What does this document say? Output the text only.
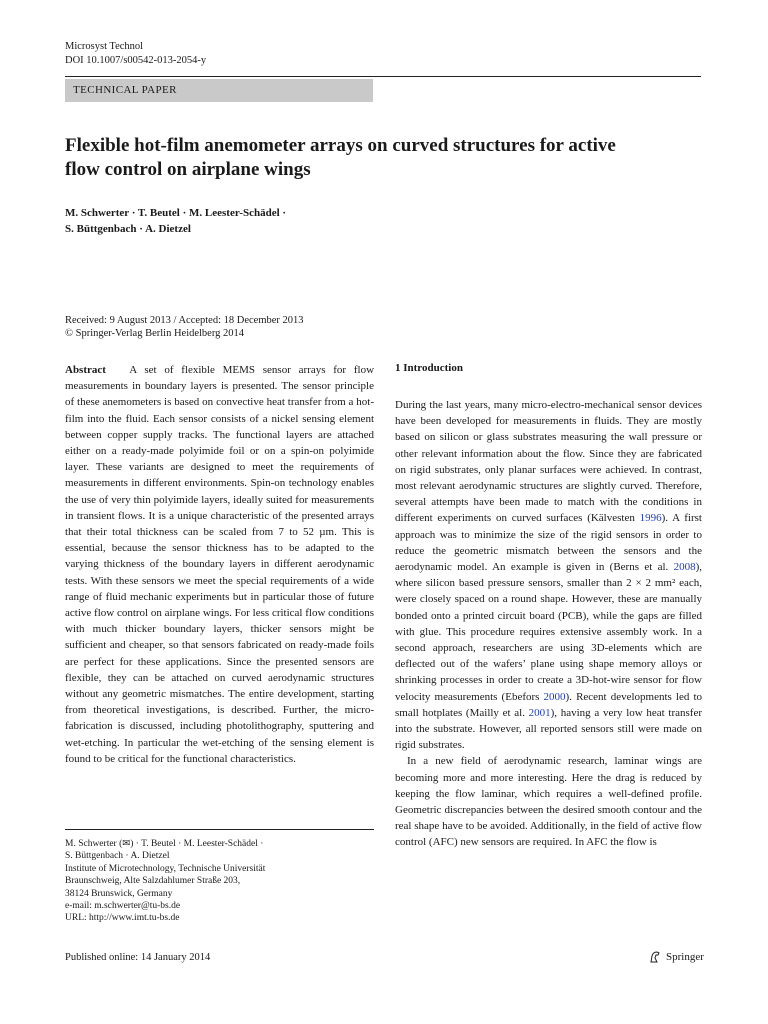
Microsyst Technol
DOI 10.1007/s00542-013-2054-y
TECHNICAL PAPER
Flexible hot-film anemometer arrays on curved structures for active flow control on airplane wings
M. Schwerter · T. Beutel · M. Leester-Schädel ·
S. Büttgenbach · A. Dietzel
Received: 9 August 2013 / Accepted: 18 December 2013
© Springer-Verlag Berlin Heidelberg 2014
Abstract A set of flexible MEMS sensor arrays for flow measurements in boundary layers is presented. The sensor principle of these anemometers is based on convective heat transfer from a hot-film into the fluid. Each sensor consists of a nickel sensing element between copper supply tracks. The functional layers are attached either on a ready-made polyimide foil or on a spin-on polyimide layer. These variants are designed to meet the requirements of measurements in different environments. Spin-on technology enables the use of very thin polyimide layers, ideally suited for measurements in transient flows. It is a unique characteristic of the presented arrays that their total thickness can be scaled from 7 to 52 µm. This is essential, because the sensor thickness has to be adapted to the varying thickness of the boundary layers in different aerodynamic tests. With these sensors we meet the special requirements of a wide range of fluid mechanic experiments but in particular those of future active flow control on airplane wings. For less critical flow conditions with much thicker boundary layers, thicker sensors might be sufficient and cheaper, so that sensors fabricated on ready-made foils are perfect for these applications. Since the presented sensors are flexible, they can be attached on curved aerodynamic structures without any geometric mismatches. The entire development, starting from theoretical investigations, is described. Further, the micro-fabrication is discussed, including photolithography, sputtering and wet-etching. In particular the wet-etching of the sensing element is found to be critical for the functional characteristics.
M. Schwerter (✉) · T. Beutel · M. Leester-Schädel ·
S. Büttgenbach · A. Dietzel
Institute of Microtechnology, Technische Universität
Braunschweig, Alte Salzdahlumer Straße 203,
38124 Brunswick, Germany
e-mail: m.schwerter@tu-bs.de
URL: http://www.imt.tu-bs.de
1 Introduction

During the last years, many micro-electro-mechanical sensor devices have been developed for measurements in fluids. They are mostly based on silicon or glass substrates measuring the wall pressure or other relevant information about the flow. Since they are fabricated on rigid substrates, only planar surfaces were achieved. In contrast, most relevant aerodynamic structures are slightly curved. Therefore, several attempts have been made to match with the conditions in different experiments on curved surfaces (Kälvesten 1996). A first approach was to minimize the size of the rigid sensors in order to reduce the geometric mismatch between the sensors and the aerodynamic model. An example is given in (Berns et al. 2008), where silicon based pressure sensors, smaller than 2 × 2 mm² each, were closely spaced on a round shape. However, these are manually bonded onto a printed circuit board (PCB), while the gaps are filled with glue. This procedure requires extensive assembly work. In a second approach, researchers are using 3D-elements which are deflected out of the wafers’ plane using shape memory alloys or shrinking processes in order to create a 3D-hot-wire sensor for flow velocity measurements (Ebefors 2000). Recent developments led to small hotplates (Mailly et al. 2001), having a very low heat transfer into the substrate. However, all reported sensors still were made on rigid substrates.

In a new field of aerodynamic research, laminar wings are becoming more and more interesting. Here the drag is reduced by keeping the flow laminar, which requires a well-defined profile. Geometric discrepancies between the desired smooth contour and the real shape have to be avoided. Additionally, in the field of active flow control (AFC) new sensors are required. In AFC the flow is

Published online: 14 January 2014	Springer
